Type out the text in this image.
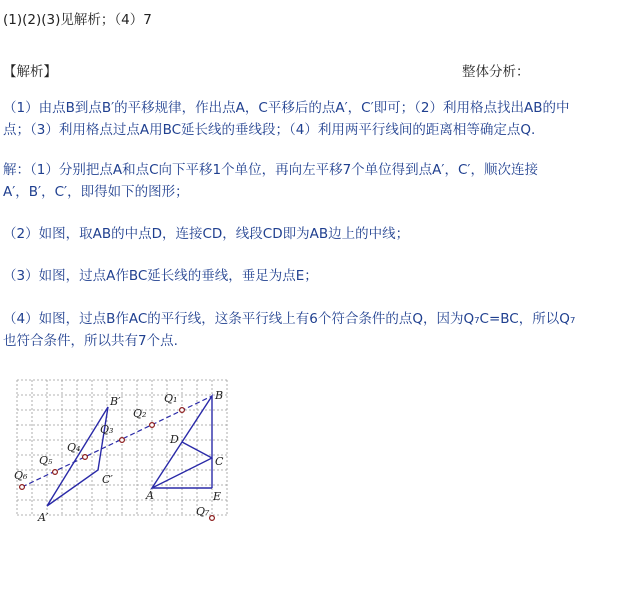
(1)(2)(3)见解析；（4）7
【解析】	整体分析：
（1）由点B到点B′的平移规律，作出点A，C平移后的点A′，C′即可；（2）利用格点找出AB的中
点；（3）利用格点过点A用BC延长线的垂线段；（4）利用两平行线间的距离相等确定点Q.
解：（1）分别把点A和点C向下平移1个单位，再向左平移7个单位得到点A′，C′，顺次连接
A′，B′，C′，即得如下的图形；
（2）如图，取AB的中点D，连接CD，线段CD即为AB边上的中线；
（3）如图，过点A作BC延长线的垂线，垂足为点E；
（4）如图，过点B作AC的平行线，这条平行线上有6个符合条件的点Q，因为Q₇C=BC，所以Q₇
也符合条件，所以共有7个点.
B′
C′
A′
B
C
A
D
E
Q₁
Q₂
Q₃
Q₄
Q₅
Q₆
Q₇
